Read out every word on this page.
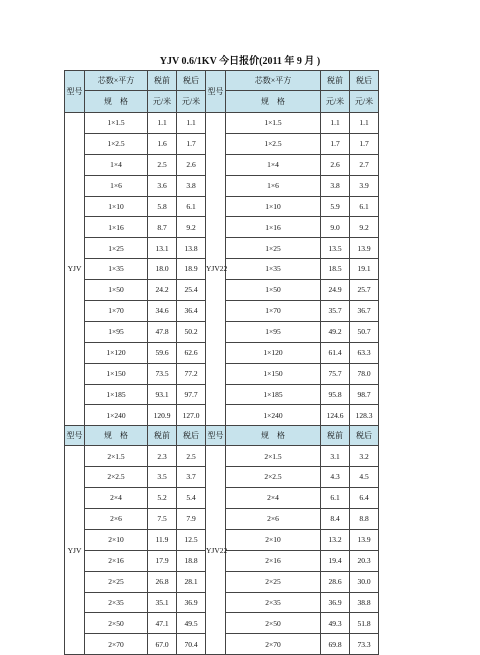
YJV 0.6/1KV 今日报价(2011 年 9 月 )
型号	芯数×平方	税前	税后	型号	芯数×平方	税前	税后
	规　格	元/米	元/米		规　格	元/米	元/米
YJV	1×1.5	1.1	1.1	YJV22	1×1.5	1.1	1.1
	1×2.5	1.6	1.7		1×2.5	1.7	1.7
	1×4	2.5	2.6		1×4	2.6	2.7
	1×6	3.6	3.8		1×6	3.8	3.9
	1×10	5.8	6.1		1×10	5.9	6.1
	1×16	8.7	9.2		1×16	9.0	9.2
	1×25	13.1	13.8		1×25	13.5	13.9
	1×35	18.0	18.9		1×35	18.5	19.1
	1×50	24.2	25.4		1×50	24.9	25.7
	1×70	34.6	36.4		1×70	35.7	36.7
	1×95	47.8	50.2		1×95	49.2	50.7
	1×120	59.6	62.6		1×120	61.4	63.3
	1×150	73.5	77.2		1×150	75.7	78.0
	1×185	93.1	97.7		1×185	95.8	98.7
	1×240	120.9	127.0		1×240	124.6	128.3
型号	规　格	税前	税后	型号	规　格	税前	税后
YJV	2×1.5	2.3	2.5	YJV22	2×1.5	3.1	3.2
	2×2.5	3.5	3.7		2×2.5	4.3	4.5
	2×4	5.2	5.4		2×4	6.1	6.4
	2×6	7.5	7.9		2×6	8.4	8.8
	2×10	11.9	12.5		2×10	13.2	13.9
	2×16	17.9	18.8		2×16	19.4	20.3
	2×25	26.8	28.1		2×25	28.6	30.0
	2×35	35.1	36.9		2×35	36.9	38.8
	2×50	47.1	49.5		2×50	49.3	51.8
	2×70	67.0	70.4		2×70	69.8	73.3
